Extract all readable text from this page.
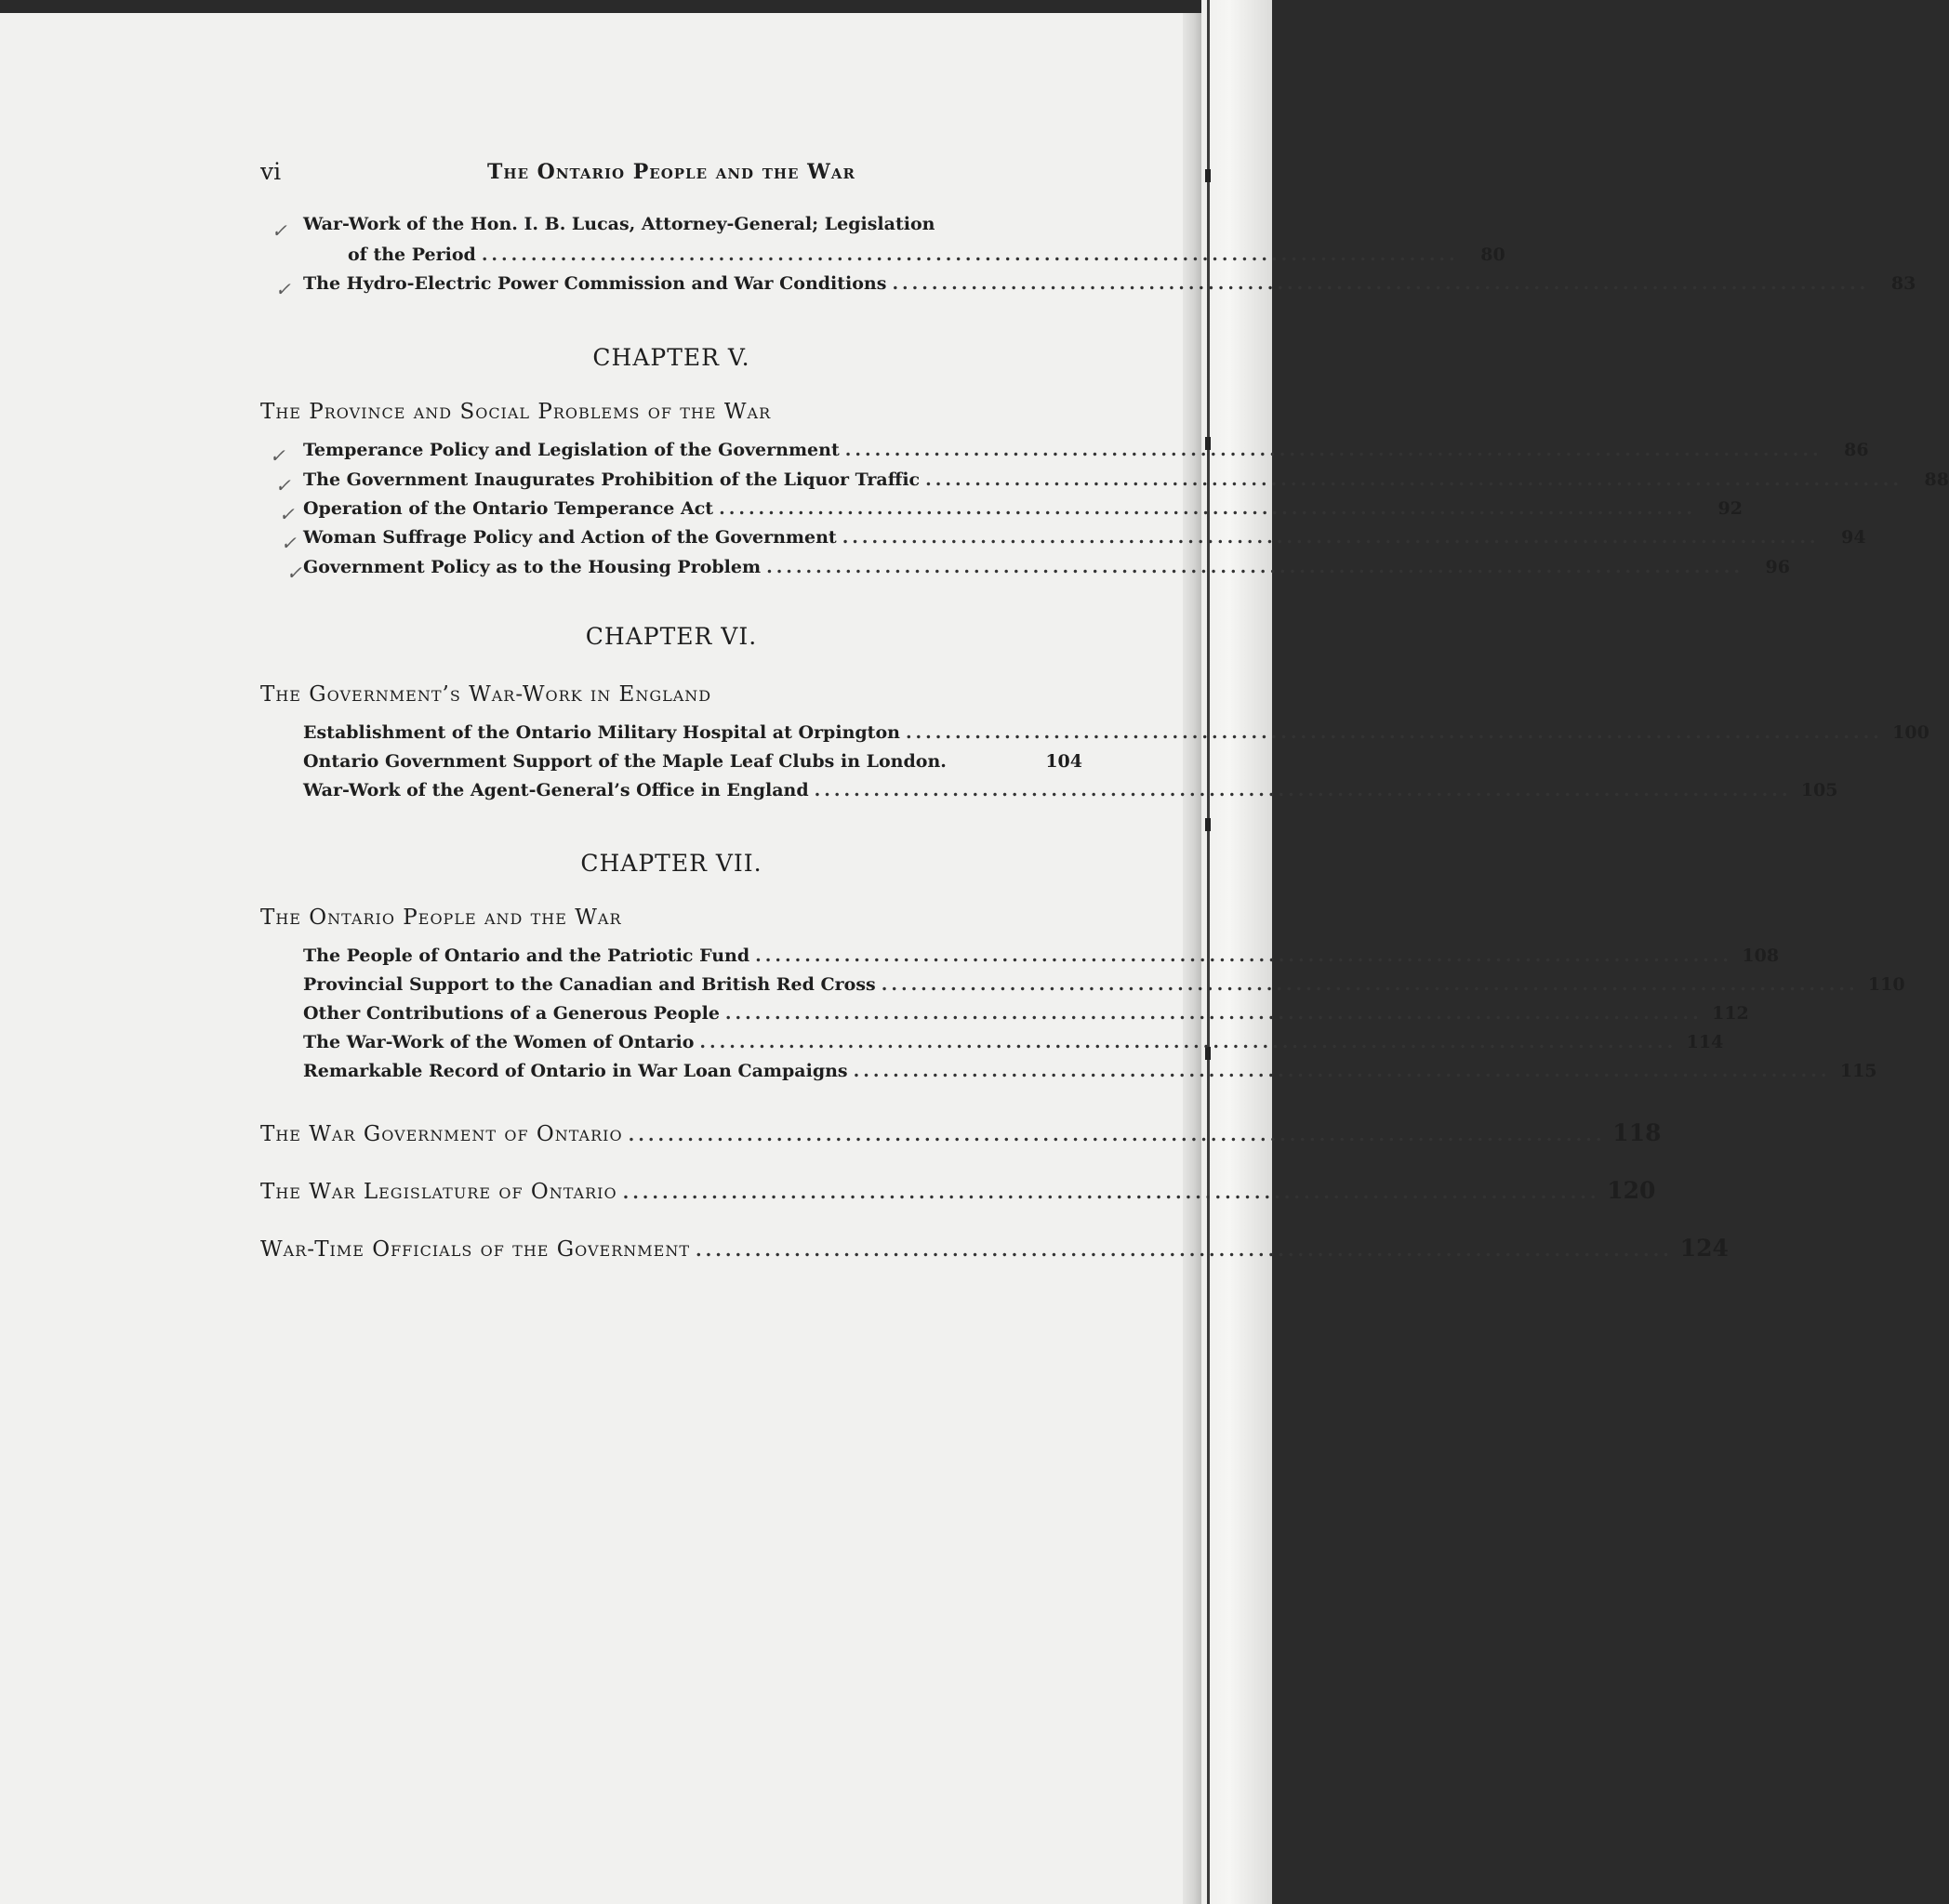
vi	The Ontario People and the War
✓ War-Work of the Hon. I. B. Lucas, Attorney-General; Legislation
of the Period ...................................................................................................	80
✓ The Hydro-Electric Power Commission and War Conditions ...................................................................................................	83
CHAPTER V.
The Province and Social Problems of the War
✓ Temperance Policy and Legislation of the Government ...................................................................................................	86
✓ The Government Inaugurates Prohibition of the Liquor Traffic ...................................................................................................	88
✓ Operation of the Ontario Temperance Act ...................................................................................................	92
✓ Woman Suffrage Policy and Action of the Government ...................................................................................................	94
✓ Government Policy as to the Housing Problem ...................................................................................................	96
CHAPTER VI.
The Government’s War-Work in England
Establishment of the Ontario Military Hospital at Orpington ................................................................................................... 100
Ontario Government Support of the Maple Leaf Clubs in London.	104
War-Work of the Agent-General’s Office in England ................................................................................................... 105
CHAPTER VII.
The Ontario People and the War
The People of Ontario and the Patriotic Fund ................................................................................................... 108
Provincial Support to the Canadian and British Red Cross ................................................................................................... 110
Other Contributions of a Generous People ................................................................................................... 112
The War-Work of the Women of Ontario ................................................................................................... 114
Remarkable Record of Ontario in War Loan Campaigns ................................................................................................... 115
The War Government of Ontario ................................................................................................... 118
The War Legislature of Ontario ................................................................................................... 120
War-Time Officials of the Government ................................................................................................... 124
